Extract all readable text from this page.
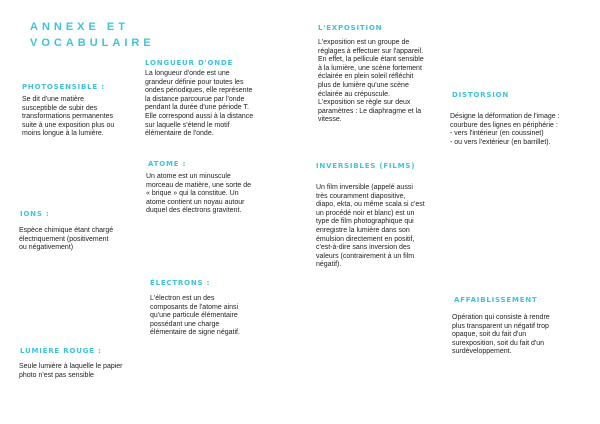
ANNEXE ET
VOCABULAIRE
PHOTOSENSIBLE :
Se dit d'une matière
susceptible de subir des
transformations permanentes
suite à une exposition plus ou
moins longue à la lumière.
LONGUEUR D'ONDE
La longueur d'onde est une
grandeur définie pour toutes les
ondes périodiques, elle représente
la distance parcourue par l'onde
pendant la durée d'une période T.
Elle correspond aussi à la distance
sur laquelle s'étend le motif
élémentaire de l'onde.
L'EXPOSITION
L'exposition est un groupe de
réglages à effectuer sur l'appareil.
En effet, la pellicule étant sensible
à la lumière, une scène fortement
éclairée en plein soleil réfléchit
plus de lumière qu'une scène
éclairée au crépuscule.
L'exposition se règle sur deux
paramètres : Le diaphragme et la
vitesse.
DISTORSION
Désigne la déformation de l'image :
courbure des lignes en périphérie :
- vers l'intérieur (en coussinet)
- ou vers l'extérieur (en barrillet).
ATOME :
Un atome est un minuscule
morceau de matière, une sorte de
« brique » qui la constitue. Un
atome contient un noyau autour
duquel des électrons gravitent.
INVERSIBLES (FILMS)
Un film inversible (appelé aussi
très couramment diapositive,
diapo, ekta, ou même scala si c'est
un procédé noir et blanc) est un
type de film photographique qui
enregistre la lumière dans son
émulsion directement en positif,
c'est-à-dire sans inversion des
valeurs (contrairement à un film
négatif).
IONS :
Espèce chimique étant chargé
électriquement (positivement
ou négativement)
ÉLECTRONS :
L'électron est un des
composants de l'atome ainsi
qu'une particule élémentaire
possédant une charge
élémentaire de signe négatif.
AFFAIBLISSEMENT
Opération qui consiste à rendre
plus transparent un négatif trop
opaque, soit du fait d'un
surexposition, soit du fait d'un
surdéveloppement.
LUMIÈRE ROUGE :
Seule lumière à laquelle le papier
photo n'est pas sensible
